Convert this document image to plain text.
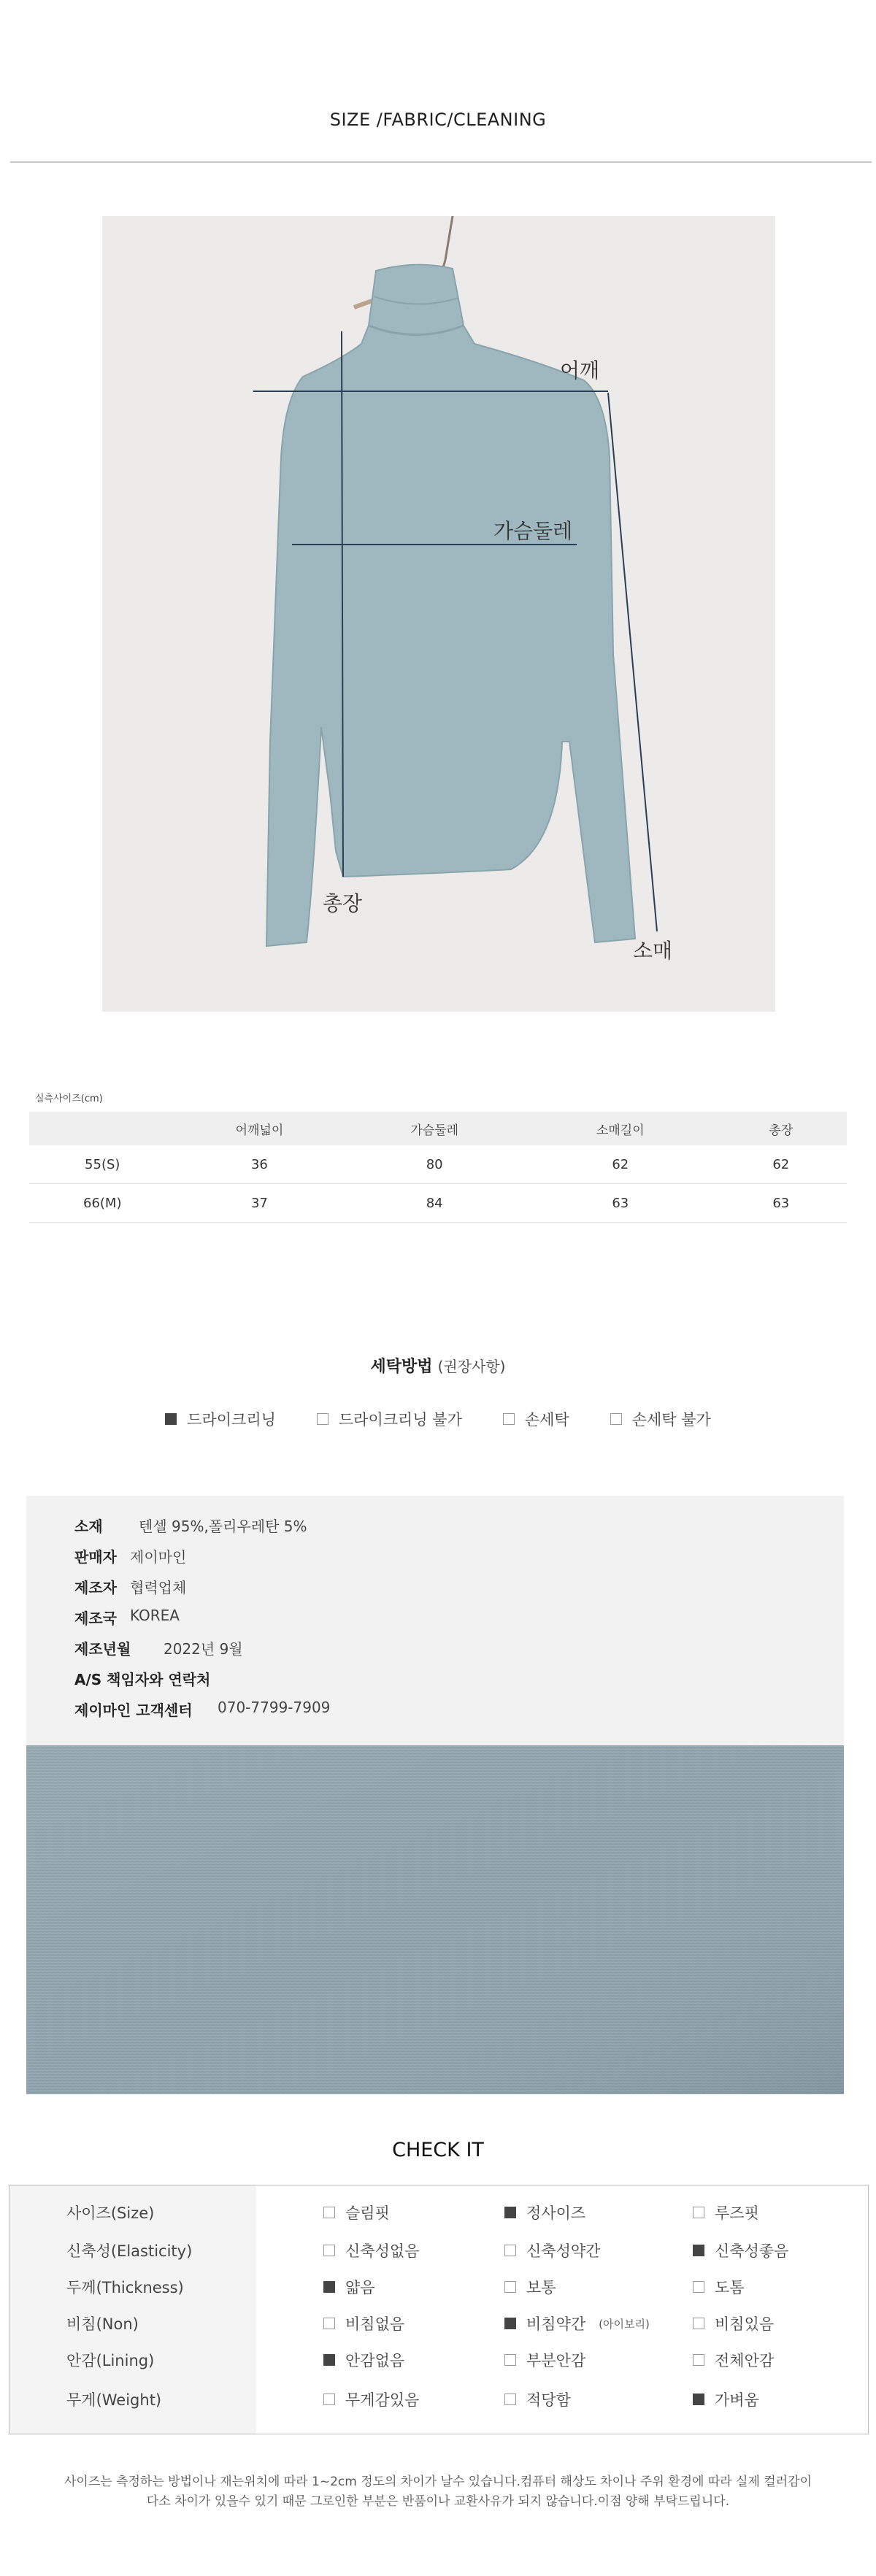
SIZE /FABRIC/CLEANING
어깨
가슴둘레
총장
소매
실측사이즈(cm)
	어깨넓이	가슴둘레	소매길이	총장
55(S)	36	80	62	62
66(M)	37	84	63	63
세탁방법 (권장사항)
드라이크리닝	드라이크리닝 불가	손세탁	손세탁 불가
소재	텐셀 95%,폴리우레탄 5%
판매자 제이마인
제조자 협력업체
제조국 KOREA
제조년월	2022년 9월
A/S 책임자와 연락처
제이마인 고객센터	070-7799-7909
CHECK IT
사이즈(Size)	슬림핏	정사이즈	루즈핏
신축성(Elasticity)	신축성없음	신축성약간	신축성좋음
두께(Thickness)	얇음	보통	도톰
비침(Non)	비침없음	비침약간 (아이보리)	비침있음
안감(Lining)	안감없음	부분안감	전체안감
무게(Weight)	무게감있음	적당함	가벼움
사이즈는 측정하는 방법이나 재는위치에 따라 1~2cm 정도의 차이가 날수 있습니다.컴퓨터 해상도 차이나 주위 환경에 따라 실제 컬러감이
다소 차이가 있을수 있기 때문 그로인한 부분은 반품이나 교환사유가 되지 않습니다.이점 양해 부탁드립니다.
